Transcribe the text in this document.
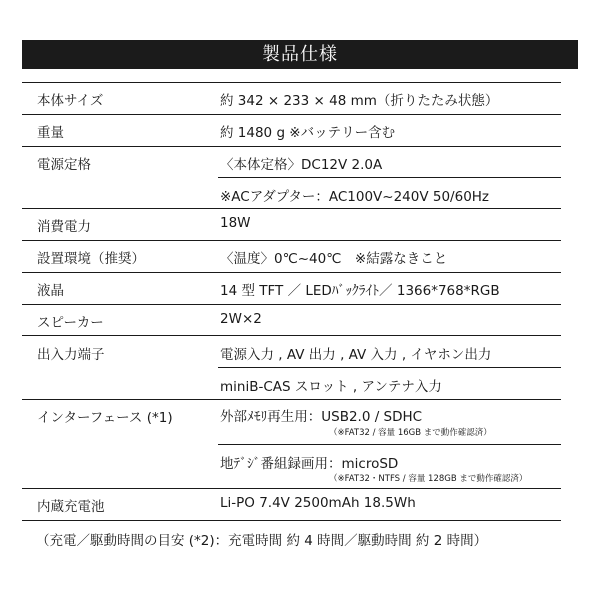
製品仕様
本体サイズ	約 342 × 233 × 48 mm（折りたたみ状態）
重量	約 1480 g ※バッテリー含む
電源定格	〈本体定格〉DC12V 2.0A
※ACアダプター：AC100V~240V 50/60Hz
消費電力	18W
設置環境（推奨）	〈温度〉0℃~40℃　※結露なきこと
液晶	14 型 TFT ／ LEDﾊﾞｯｸﾗｲﾄ／ 1366*768*RGB
スピーカー	2W×2
出入力端子	電源入力 , AV 出力 , AV 入力 , イヤホン出力
miniB-CAS スロット , アンテナ入力
インターフェース (*1)	外部ﾒﾓﾘ再生用：USB2.0 / SDHC
（※FAT32 / 容量 16GB まで動作確認済）
地ﾃﾞｼﾞ番組録画用：microSD
（※FAT32・NTFS / 容量 128GB まで動作確認済）
内蔵充電池	Li-PO 7.4V 2500mAh 18.5Wh
（充電／駆動時間の目安 (*2)：充電時間 約 4 時間／駆動時間 約 2 時間）
